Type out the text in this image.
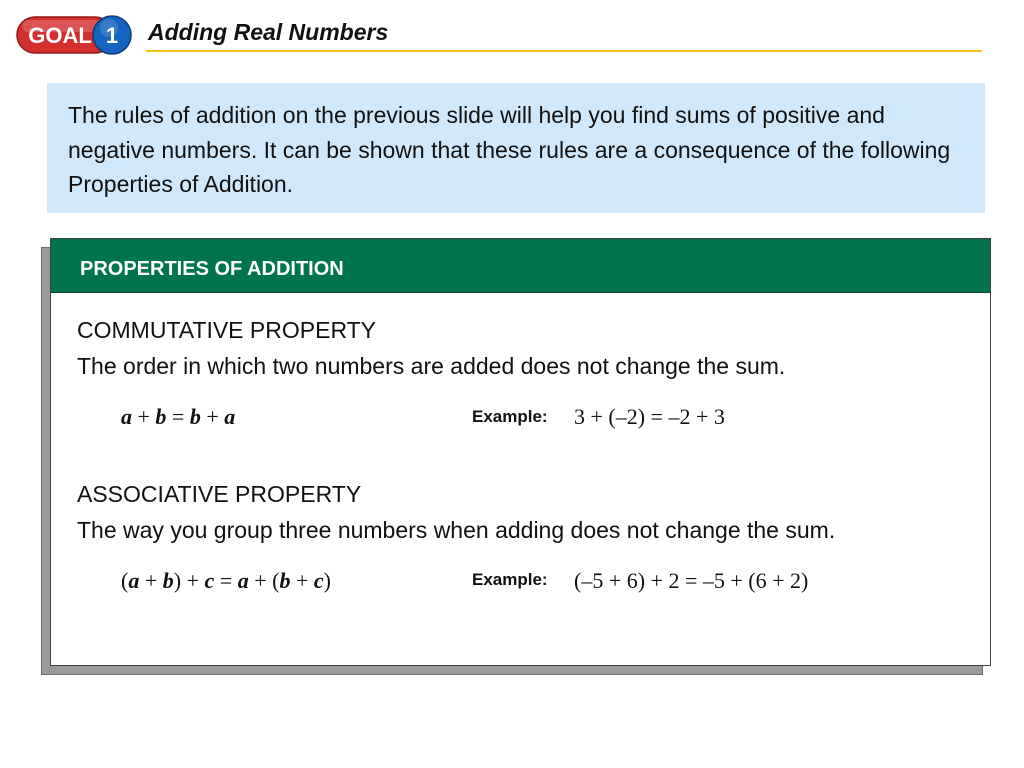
GOAL 1 Adding Real Numbers

The rules of addition on the previous slide will help you find sums of positive and negative numbers. It can be shown that these rules are a consequence of the following Properties of Addition.

PROPERTIES OF ADDITION
COMMUTATIVE PROPERTY
The order in which two numbers are added does not change the sum.
a + b = b + a	Example: 3 + (–2) = –2 + 3
ASSOCIATIVE PROPERTY
The way you group three numbers when adding does not change the sum.
(a + b) + c = a + (b + c)	Example: (–5 + 6) + 2 = –5 + (6 + 2)
